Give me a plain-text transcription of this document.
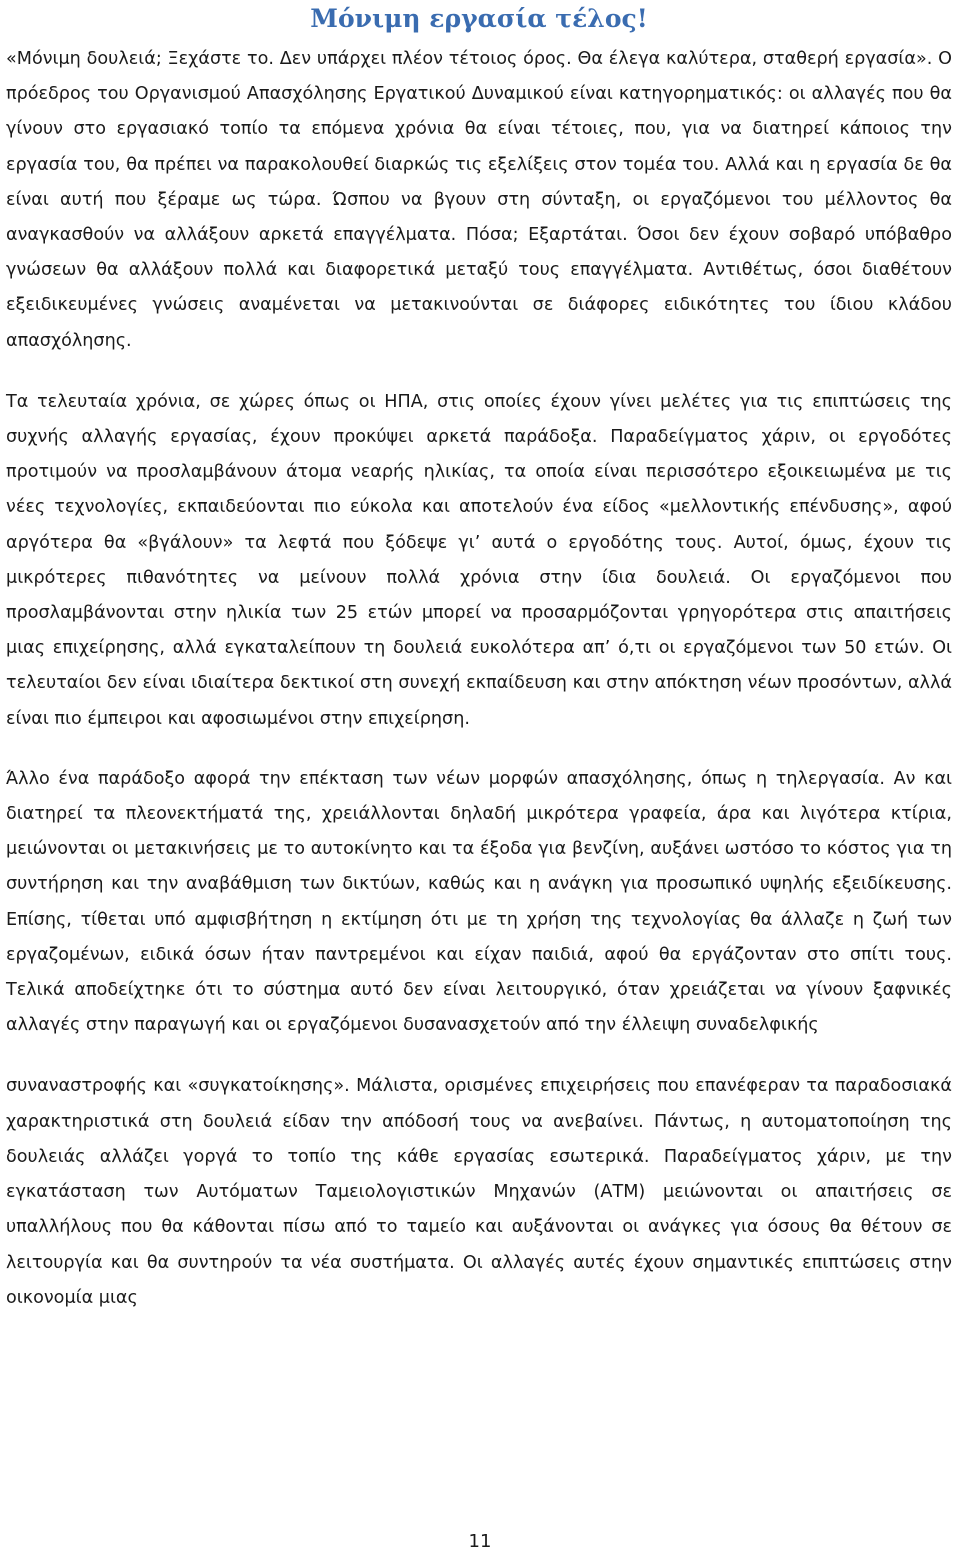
Μόνιμη εργασία τέλος!

«Μόνιμη δουλειά; Ξεχάστε το. Δεν υπάρχει πλέον τέτοιος όρος. Θα έλεγα καλύτερα, σταθερή εργασία». Ο πρόεδρος του Οργανισμού Απασχόλησης Εργατικού Δυναμικού είναι κατηγορηματικός: οι αλλαγές που θα γίνουν στο εργασιακό τοπίο τα επόμενα χρόνια θα είναι τέτοιες, που, για να διατηρεί κάποιος την εργασία του, θα πρέπει να παρακολουθεί διαρκώς τις εξελίξεις στον τομέα του. Αλλά και η εργασία δε θα είναι αυτή που ξέραμε ως τώρα. Ώσπου να βγουν στη σύνταξη, οι εργαζόμενοι του μέλλοντος θα αναγκασθούν να αλλάξουν αρκετά επαγγέλματα. Πόσα; Εξαρτάται. Όσοι δεν έχουν σοβαρό υπόβαθρο γνώσεων θα αλλάξουν πολλά και διαφορετικά μεταξύ τους επαγγέλματα. Αντιθέτως, όσοι διαθέτουν εξειδικευμένες γνώσεις αναμένεται να μετακινούνται σε διάφορες ειδικότητες του ίδιου κλάδου απασχόλησης.

Τα τελευταία χρόνια, σε χώρες όπως οι ΗΠΑ, στις οποίες έχουν γίνει μελέτες για τις επιπτώσεις της συχνής αλλαγής εργασίας, έχουν προκύψει αρκετά παράδοξα. Παραδείγματος χάριν, οι εργοδότες προτιμούν να προσλαμβάνουν άτομα νεαρής ηλικίας, τα οποία είναι περισσότερο εξοικειωμένα με τις νέες τεχνολογίες, εκπαιδεύονται πιο εύκολα και αποτελούν ένα είδος «μελλοντικής επένδυσης», αφού αργότερα θα «βγάλουν» τα λεφτά που ξόδεψε γι’ αυτά ο εργοδότης τους. Αυτοί, όμως, έχουν τις μικρότερες πιθανότητες να μείνουν πολλά χρόνια στην ίδια δουλειά. Οι εργαζόμενοι που προσλαμβάνονται στην ηλικία των 25 ετών μπορεί να προσαρμόζονται γρηγορότερα στις απαιτήσεις μιας επιχείρησης, αλλά εγκαταλείπουν τη δουλειά ευκολότερα απ’ ό,τι οι εργαζόμενοι των 50 ετών. Οι τελευταίοι δεν είναι ιδιαίτερα δεκτικοί στη συνεχή εκπαίδευση και στην απόκτηση νέων προσόντων, αλλά είναι πιο έμπειροι και αφοσιωμένοι στην επιχείρηση.

Άλλο ένα παράδοξο αφορά την επέκταση των νέων μορφών απασχόλησης, όπως η τηλεργασία. Αν και διατηρεί τα πλεονεκτήματά της, χρειάλλονται δηλαδή μικρότερα γραφεία, άρα και λιγότερα κτίρια, μειώνονται οι μετακινήσεις με το αυτοκίνητο και τα έξοδα για βενζίνη, αυξάνει ωστόσο το κόστος για τη συντήρηση και την αναβάθμιση των δικτύων, καθώς και η ανάγκη για προσωπικό υψηλής εξειδίκευσης. Επίσης, τίθεται υπό αμφισβήτηση η εκτίμηση ότι με τη χρήση της τεχνολογίας θα άλλαζε η ζωή των εργαζομένων, ειδικά όσων ήταν παντρεμένοι και είχαν παιδιά, αφού θα εργάζονταν στο σπίτι τους. Τελικά αποδείχτηκε ότι το σύστημα αυτό δεν είναι λειτουργικό, όταν χρειάζεται να γίνουν ξαφνικές αλλαγές στην παραγωγή και οι εργαζόμενοι δυσανασχετούν από την έλλειψη συναδελφικής

συναναστροφής και «συγκατοίκησης». Μάλιστα, ορισμένες επιχειρήσεις που επανέφεραν τα παραδοσιακά χαρακτηριστικά στη δουλειά είδαν την απόδοσή τους να ανεβαίνει. Πάντως, η αυτοματοποίηση της δουλειάς αλλάζει γοργά το τοπίο της κάθε εργασίας εσωτερικά. Παραδείγματος χάριν, με την εγκατάσταση των Αυτόματων Ταμειολογιστικών Μηχανών (ΑΤΜ) μειώνονται οι απαιτήσεις σε υπαλλήλους που θα κάθονται πίσω από το ταμείο και αυξάνονται οι ανάγκες για όσους θα θέτουν σε λειτουργία και θα συντηρούν τα νέα συστήματα. Οι αλλαγές αυτές έχουν σημαντικές επιπτώσεις στην οικονομία μιας

11
